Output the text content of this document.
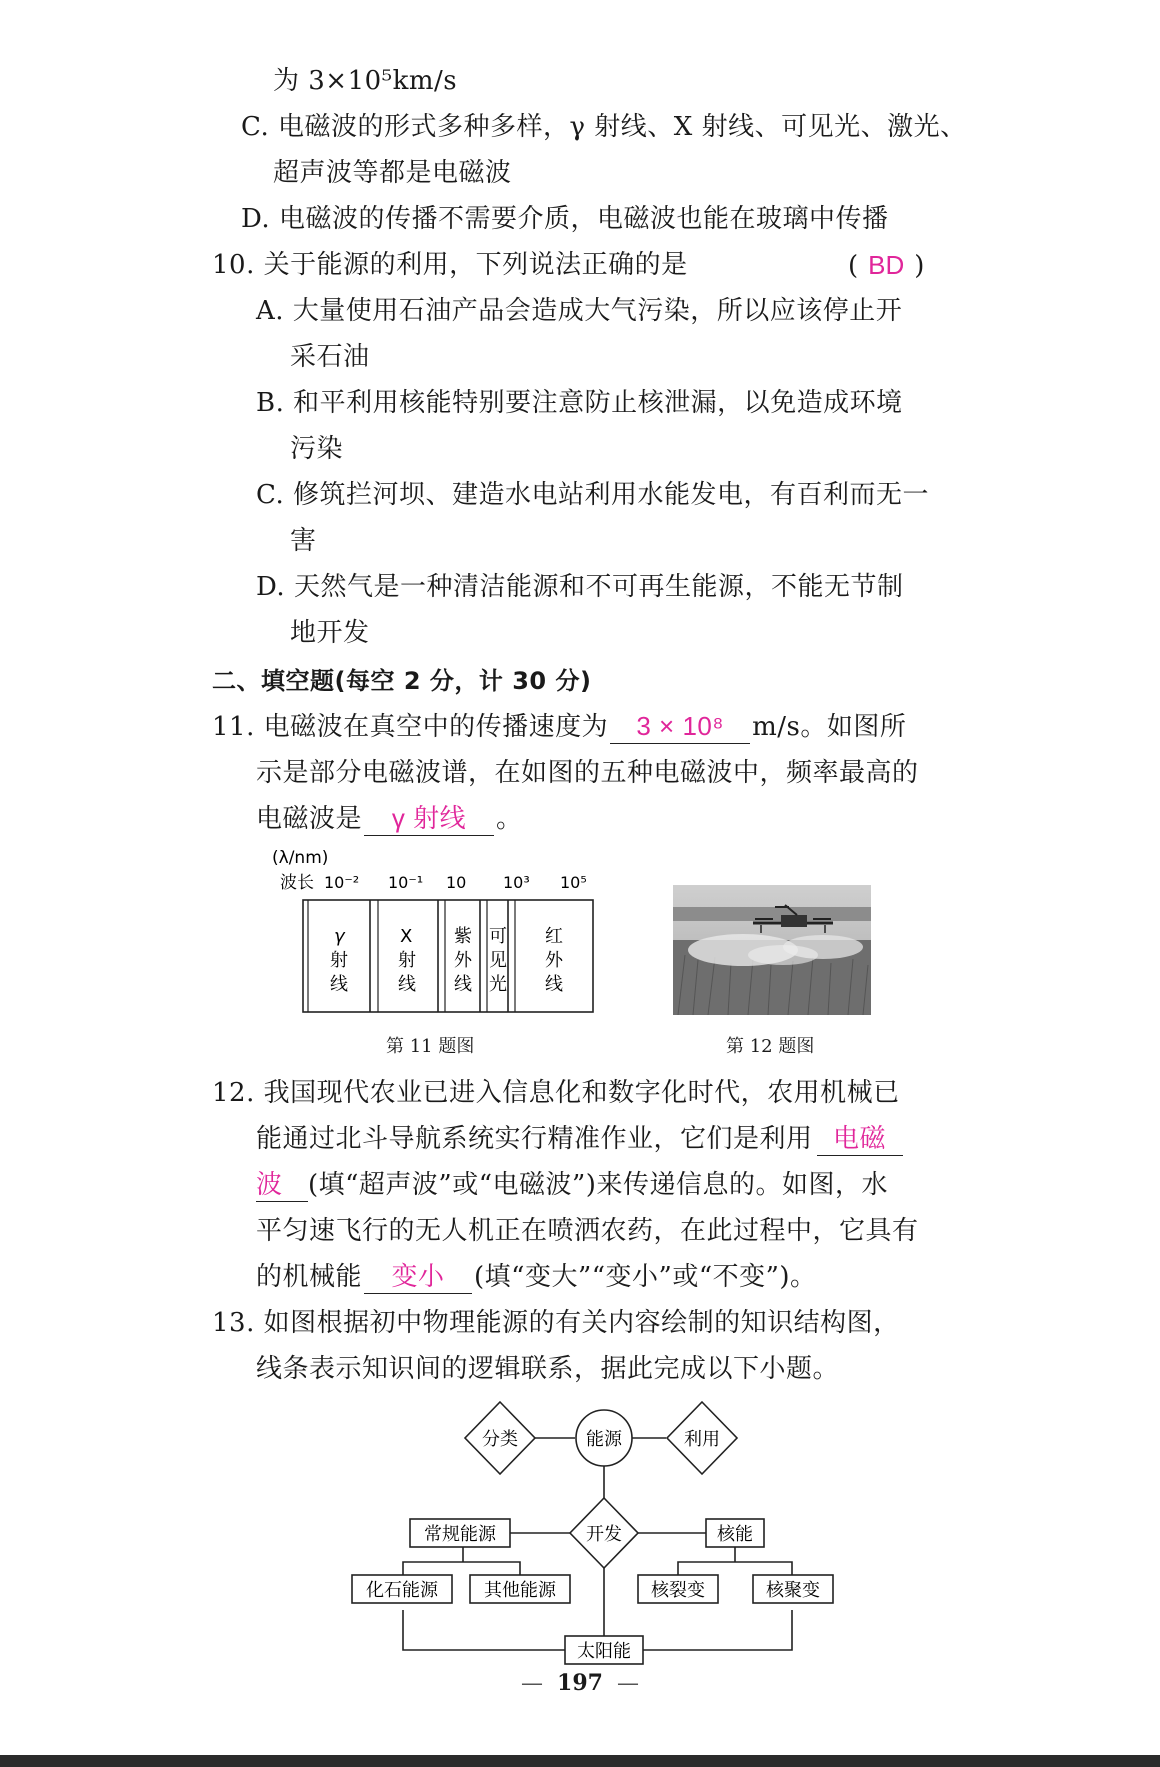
为 3×10⁵km/s
C. 电磁波的形式多种多样，γ 射线、X 射线、可见光、激光、
超声波等都是电磁波
D. 电磁波的传播不需要介质，电磁波也能在玻璃中传播
10. 关于能源的利用，下列说法正确的是	( BD )
A. 大量使用石油产品会造成大气污染，所以应该停止开
采石油
B. 和平利用核能特别要注意防止核泄漏，以免造成环境
污染
C. 修筑拦河坝、建造水电站利用水能发电，有百利而无一
害
D. 天然气是一种清洁能源和不可再生能源，不能无节制
地开发
二、填空题(每空 2 分，计 30 分)
11. 电磁波在真空中的传播速度为 3 × 10⁸ m/s。如图所
示是部分电磁波谱，在如图的五种电磁波中，频率最高的
电磁波是 γ 射线 。
(λ/nm)
波长 10⁻² 10⁻¹ 10 10³ 10⁵
γ
射
线
X
射
线
紫
外
线
可
见
光
红
外
线
第 11 题图	第 12 题图
12. 我国现代农业已进入信息化和数字化时代，农用机械已
能通过北斗导航系统实行精准作业，它们是利用 电磁
波 (填“超声波”或“电磁波”)来传递信息的。如图，水
平匀速飞行的无人机正在喷洒农药，在此过程中，它具有
的机械能 变小 (填“变大”“变小”或“不变”)。
13. 如图根据初中物理能源的有关内容绘制的知识结构图，
线条表示知识间的逻辑联系，据此完成以下小题。
分类	能源	利用
开发
常规能源	核能
化石能源	其他能源	核裂变	核聚变
太阳能
— 197 —
